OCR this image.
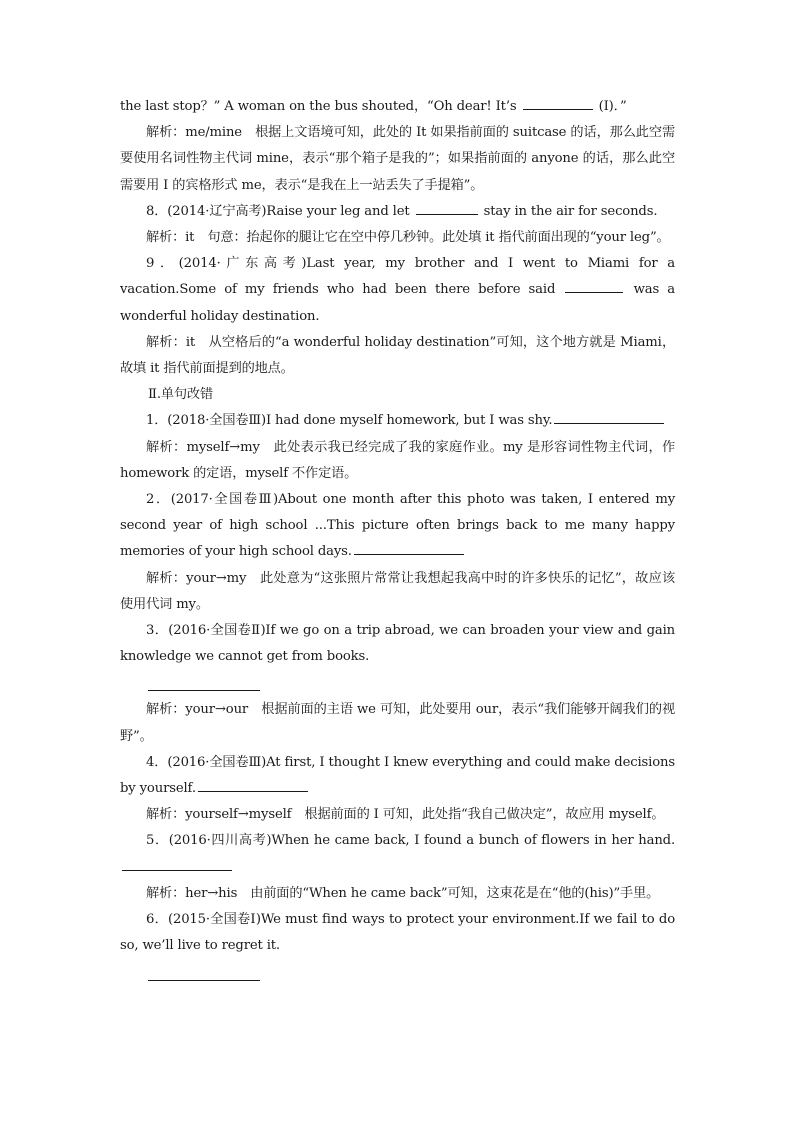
the last stop？” A woman on the bus shouted，“Oh dear! It’s	(I)．”

解析：me/mine　根据上文语境可知，此处的 It 如果指前面的 suitcase 的话，那么此空需要使用名词性物主代词 mine，表示“那个箱子是我的”；如果指前面的 anyone 的话，那么此空需要用 I 的宾格形式 me，表示“是我在上一站丢失了手提箱”。

8．(2014·辽宁高考)Raise your leg and let	stay in the air for seconds.

解析：it　句意：抬起你的腿让它在空中停几秒钟。此处填 it 指代前面出现的“your leg”。

9．(2014·广东高考)Last year, my brother and I went to Miami for a vacation.Some of my friends who had been there before said	was a wonderful holiday destination.

解析：it　从空格后的“a wonderful holiday destination”可知，这个地方就是 Miami，故填 it 指代前面提到的地点。

Ⅱ.单句改错

1．(2018·全国卷Ⅲ)I had done myself homework, but I was shy.

解析：myself→my　此处表示我已经完成了我的家庭作业。my 是形容词性物主代词，作 homework 的定语，myself 不作定语。

2．(2017·全国卷Ⅲ)About one month after this photo was taken, I entered my second year of high school ...This picture often brings back to me many happy memories of your high school days.

解析：your→my　此处意为“这张照片常常让我想起我高中时的许多快乐的记忆”，故应该使用代词 my。

3．(2016·全国卷Ⅱ)If we go on a trip abroad, we can broaden your view and gain knowledge we cannot get from books.

解析：your→our　根据前面的主语 we 可知，此处要用 our，表示“我们能够开阔我们的视野”。

4．(2016·全国卷Ⅲ)At first, I thought I knew everything and could make decisions by yourself.

解析：yourself→myself　根据前面的 I 可知，此处指“我自己做决定”，故应用 myself。

5．(2016·四川高考)When he came back, I found a bunch of flowers in her hand.

解析：her→his　由前面的“When he came back”可知，这束花是在“他的(his)”手里。

6．(2015·全国卷Ⅰ)We must find ways to protect your environment.If we fail to do so, we’ll live to regret it.
